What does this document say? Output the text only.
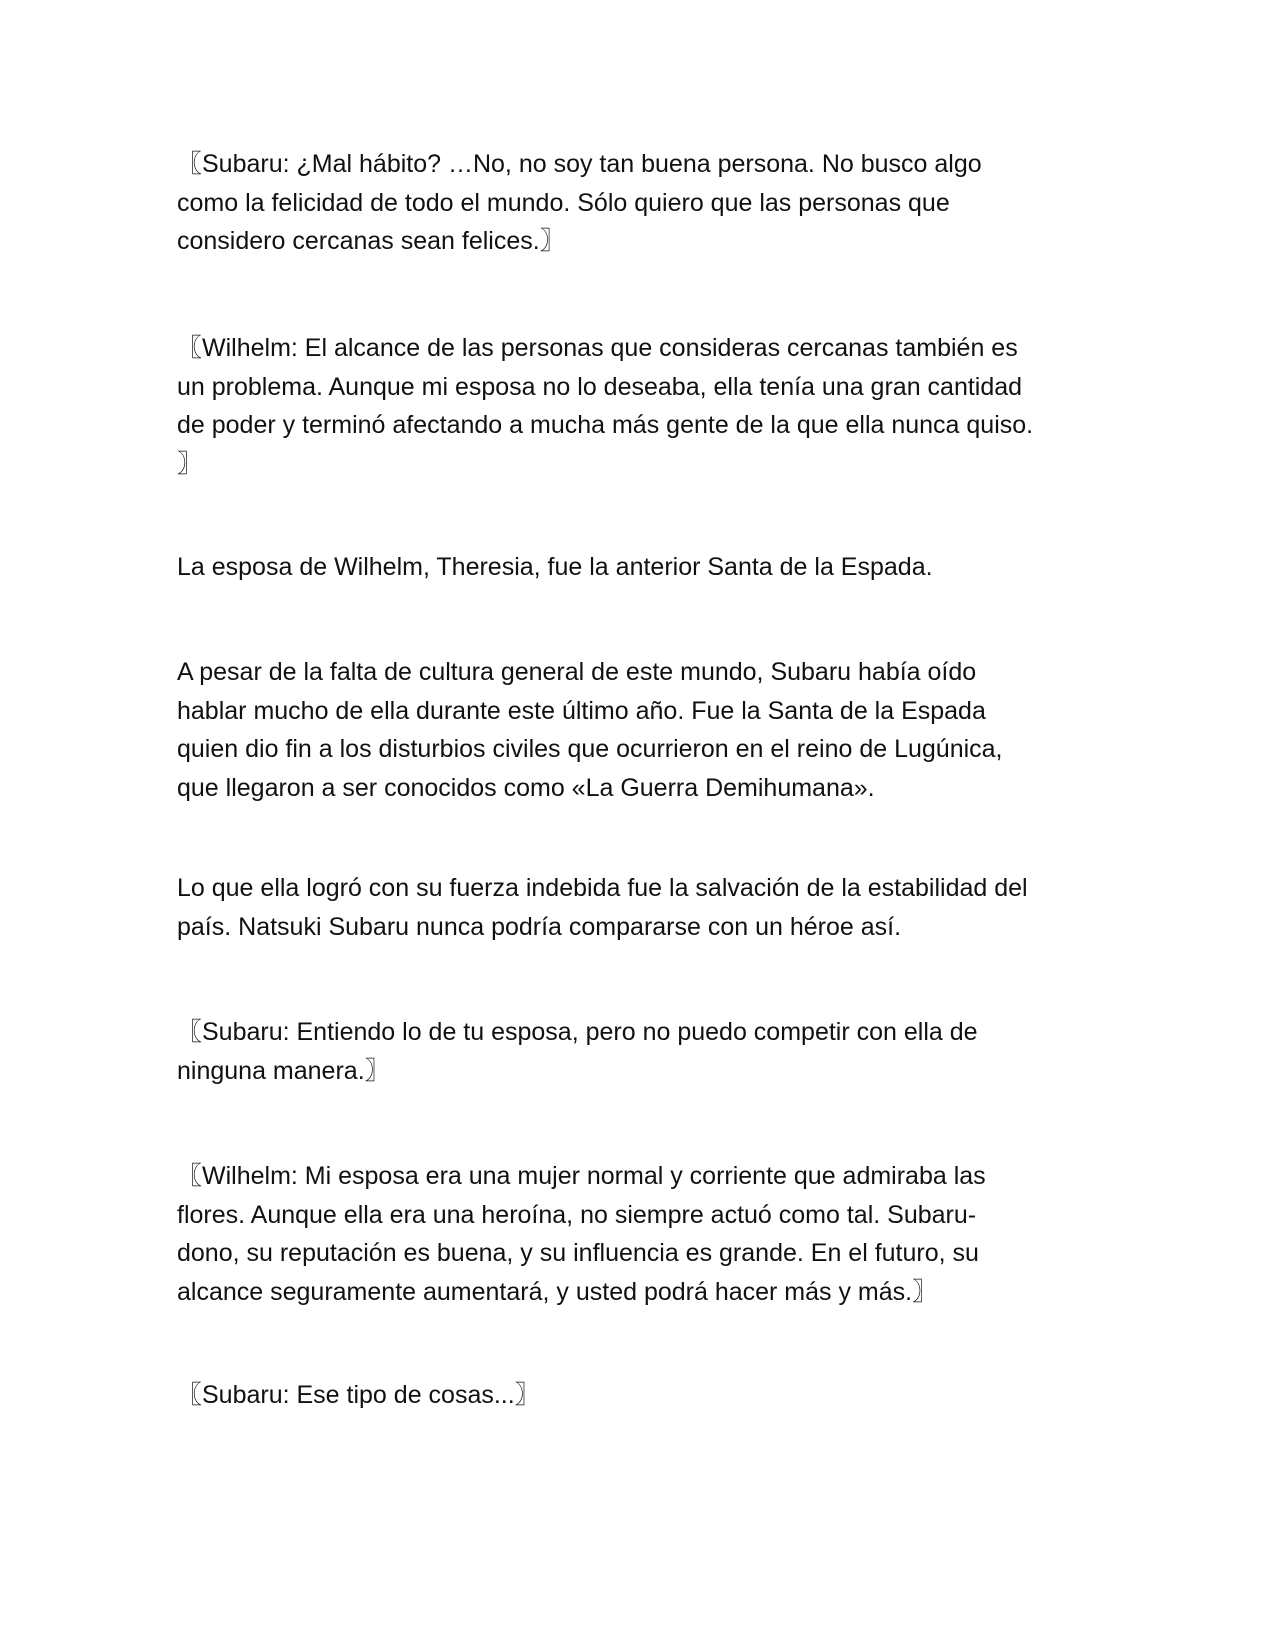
〖Subaru: ¿Mal hábito? …No, no soy tan buena persona. No busco algo
como la felicidad de todo el mundo. Sólo quiero que las personas que
considero cercanas sean felices.〗

〖Wilhelm: El alcance de las personas que consideras cercanas también es
un problema. Aunque mi esposa no lo deseaba, ella tenía una gran cantidad
de poder y terminó afectando a mucha más gente de la que ella nunca quiso.
〗

La esposa de Wilhelm, Theresia, fue la anterior Santa de la Espada.

A pesar de la falta de cultura general de este mundo, Subaru había oído
hablar mucho de ella durante este último año. Fue la Santa de la Espada
quien dio fin a los disturbios civiles que ocurrieron en el reino de Lugúnica,
que llegaron a ser conocidos como «La Guerra Demihumana».

Lo que ella logró con su fuerza indebida fue la salvación de la estabilidad del
país. Natsuki Subaru nunca podría compararse con un héroe así.

〖Subaru: Entiendo lo de tu esposa, pero no puedo competir con ella de
ninguna manera.〗

〖Wilhelm: Mi esposa era una mujer normal y corriente que admiraba las
flores. Aunque ella era una heroína, no siempre actuó como tal. Subaru-
dono, su reputación es buena, y su influencia es grande. En el futuro, su
alcance seguramente aumentará, y usted podrá hacer más y más.〗

〖Subaru: Ese tipo de cosas...〗
